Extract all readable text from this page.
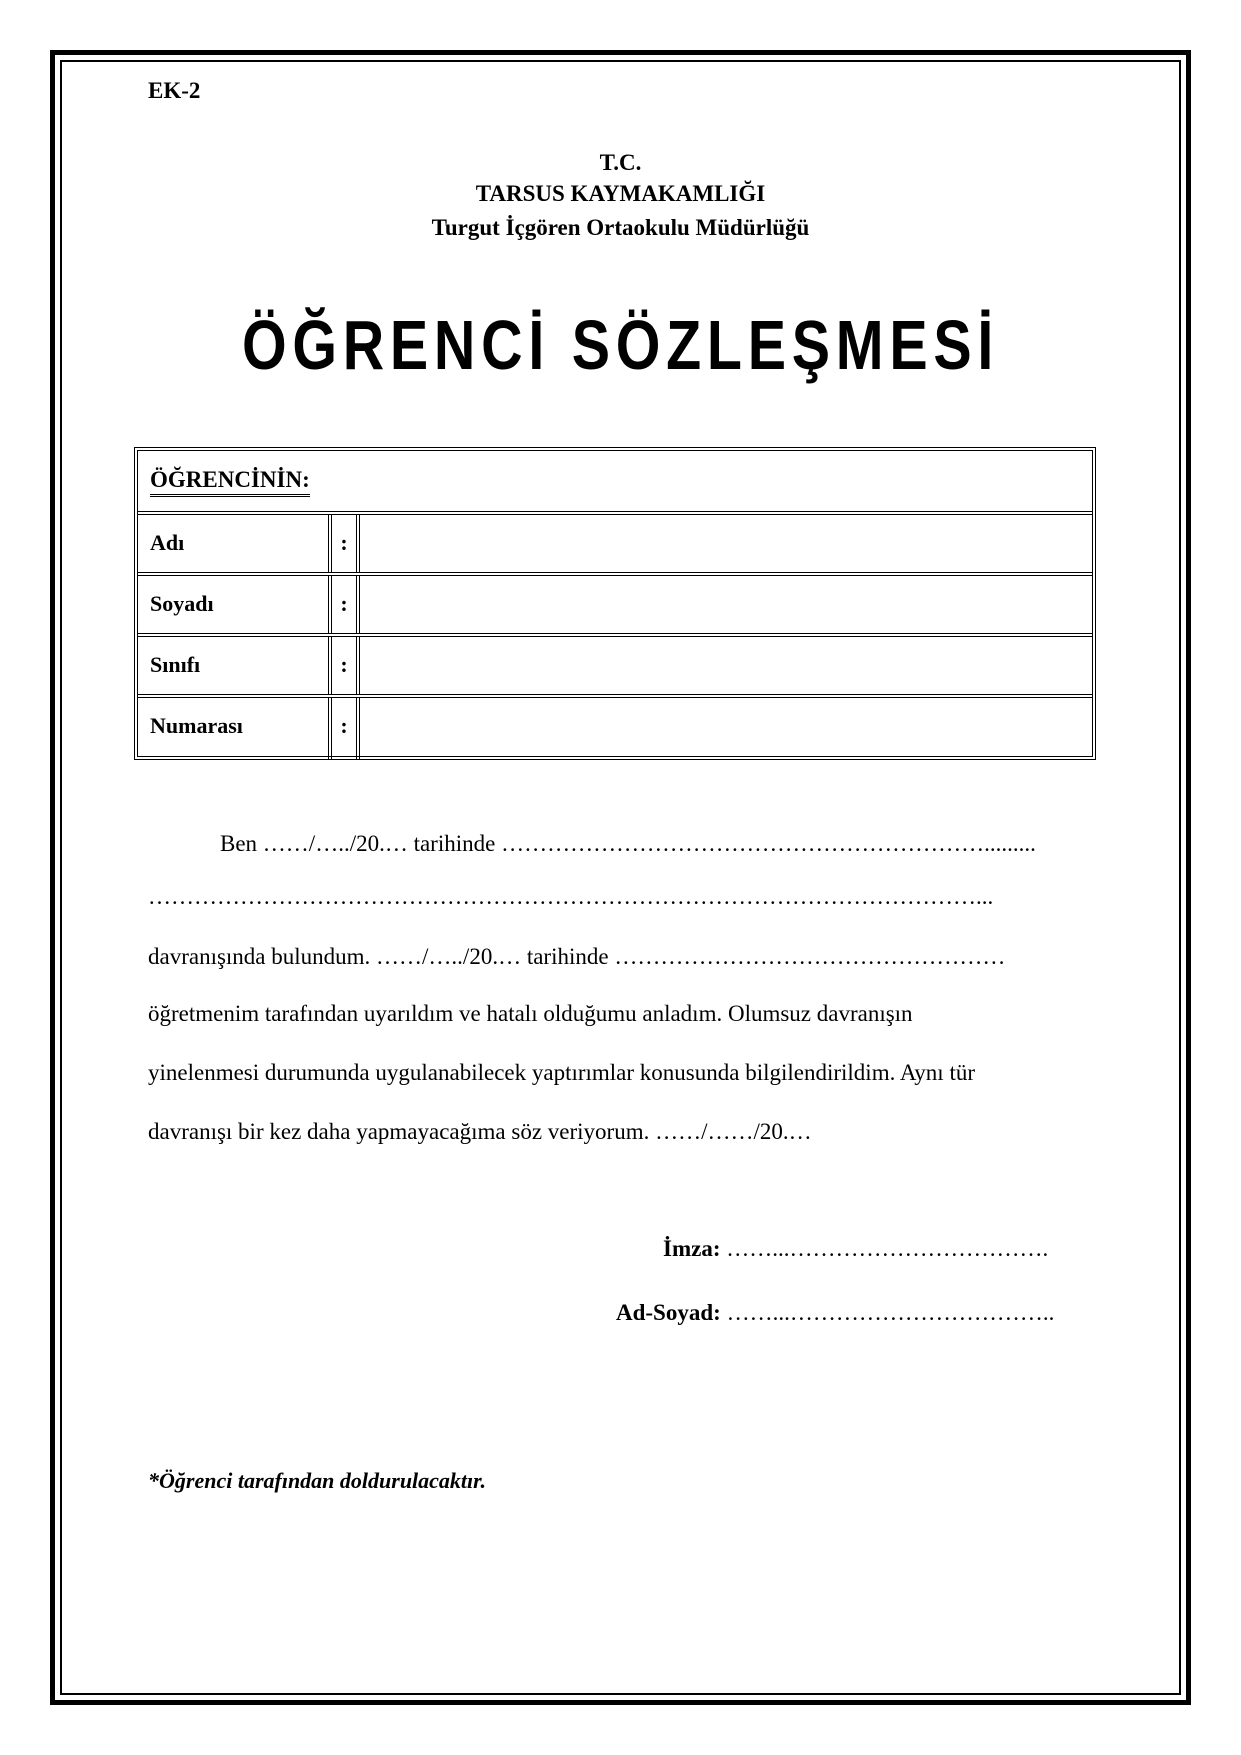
EK-2
T.C.
TARSUS KAYMAKAMLIĞI
Turgut İçgören Ortaokulu Müdürlüğü
ÖĞRENCİ SÖZLEŞMESİ
ÖĞRENCİNİN:
Adı	:
Soyadı	:
Sınıfı	:
Numarası	:
Ben ……/…../20.… tarihinde ……………………………………………………….........
………………………………………………………………………………………………...
davranışında bulundum. ……/…../20.… tarihinde ……………………………………………
öğretmenim tarafından uyarıldım ve hatalı olduğumu anladım. Olumsuz davranışın
yinelenmesi durumunda uygulanabilecek yaptırımlar konusunda bilgilendirildim. Aynı tür
davranışı bir kez daha yapmayacağıma söz veriyorum. ……/……/20.…
İmza: ……...…………………………….
Ad-Soyad: ……...……………………………..
*Öğrenci tarafından doldurulacaktır.
